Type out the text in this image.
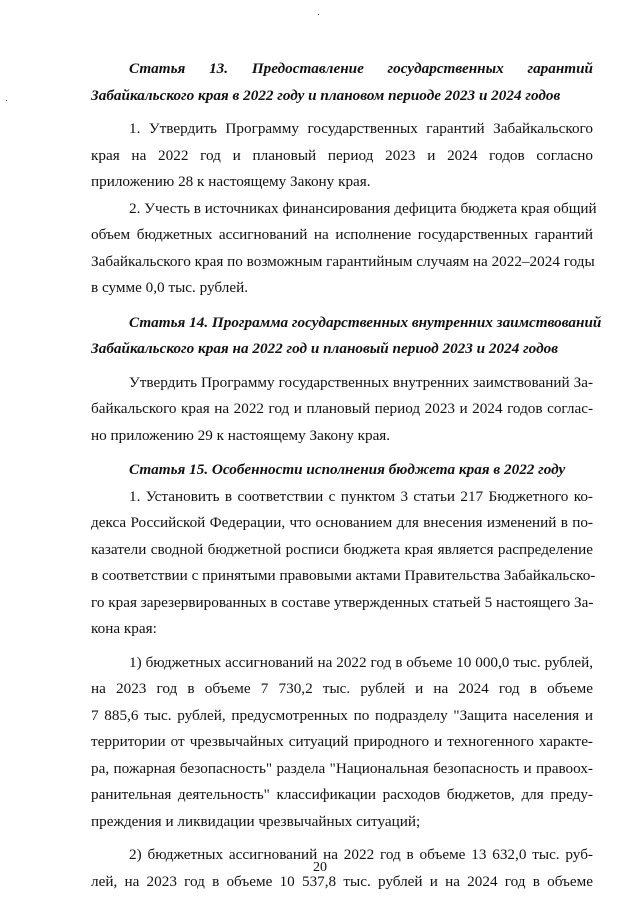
Статья 13. Предоставление государственных гарантий
Забайкальского края в 2022 году и плановом периоде 2023 и 2024 годов
1. Утвердить Программу государственных гарантий Забайкальского
края на 2022 год и плановый период 2023 и 2024 годов согласно
приложению 28 к настоящему Закону края.
2. Учесть в источниках финансирования дефицита бюджета края общий
объем бюджетных ассигнований на исполнение государственных гарантий
Забайкальского края по возможным гарантийным случаям на 2022–2024 годы
в сумме 0,0 тыс. рублей.
Статья 14. Программа государственных внутренних заимствований
Забайкальского края на 2022 год и плановый период 2023 и 2024 годов
Утвердить Программу государственных внутренних заимствований За-
байкальского края на 2022 год и плановый период 2023 и 2024 годов соглас-
но приложению 29 к настоящему Закону края.
Статья 15. Особенности исполнения бюджета края в 2022 году
1. Установить в соответствии с пунктом 3 статьи 217 Бюджетного ко-
декса Российской Федерации, что основанием для внесения изменений в по-
казатели сводной бюджетной росписи бюджета края является распределение
в соответствии с принятыми правовыми актами Правительства Забайкальско-
го края зарезервированных в составе утвержденных статьей 5 настоящего За-
кона края:
1) бюджетных ассигнований на 2022 год в объеме 10 000,0 тыс. рублей,
на 2023 год в объеме 7 730,2 тыс. рублей и на 2024 год в объеме
7 885,6 тыс. рублей, предусмотренных по подразделу "Защита населения и
территории от чрезвычайных ситуаций природного и техногенного характе-
ра, пожарная безопасность" раздела "Национальная безопасность и правоох-
ранительная деятельность" классификации расходов бюджетов, для преду-
преждения и ликвидации чрезвычайных ситуаций;
2) бюджетных ассигнований на 2022 год в объеме 13 632,0 тыс. руб-
лей, на 2023 год в объеме 10 537,8 тыс. рублей и на 2024 год в объеме
20
